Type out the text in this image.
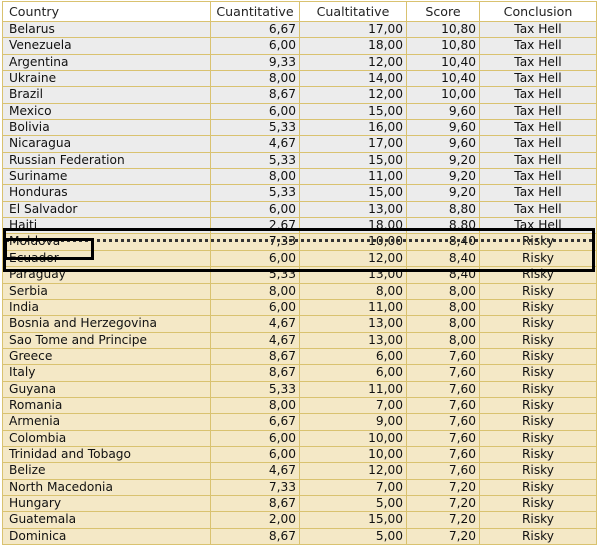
Country	Cuantitative	Cualtitative	Score	Conclusion
Belarus	6,67	17,00	10,80	Tax Hell
Venezuela	6,00	18,00	10,80	Tax Hell
Argentina	9,33	12,00	10,40	Tax Hell
Ukraine	8,00	14,00	10,40	Tax Hell
Brazil	8,67	12,00	10,00	Tax Hell
Mexico	6,00	15,00	9,60	Tax Hell
Bolivia	5,33	16,00	9,60	Tax Hell
Nicaragua	4,67	17,00	9,60	Tax Hell
Russian Federation	5,33	15,00	9,20	Tax Hell
Suriname	8,00	11,00	9,20	Tax Hell
Honduras	5,33	15,00	9,20	Tax Hell
El Salvador	6,00	13,00	8,80	Tax Hell
Haiti	2,67	18,00	8,80	Tax Hell
Moldova	7,33	10,00	8,40	Risky
Ecuador	6,00	12,00	8,40	Risky
Paraguay	5,33	13,00	8,40	Risky
Serbia	8,00	8,00	8,00	Risky
India	6,00	11,00	8,00	Risky
Bosnia and Herzegovina	4,67	13,00	8,00	Risky
Sao Tome and Principe	4,67	13,00	8,00	Risky
Greece	8,67	6,00	7,60	Risky
Italy	8,67	6,00	7,60	Risky
Guyana	5,33	11,00	7,60	Risky
Romania	8,00	7,00	7,60	Risky
Armenia	6,67	9,00	7,60	Risky
Colombia	6,00	10,00	7,60	Risky
Trinidad and Tobago	6,00	10,00	7,60	Risky
Belize	4,67	12,00	7,60	Risky
North Macedonia	7,33	7,00	7,20	Risky
Hungary	8,67	5,00	7,20	Risky
Guatemala	2,00	15,00	7,20	Risky
Dominica	8,67	5,00	7,20	Risky
